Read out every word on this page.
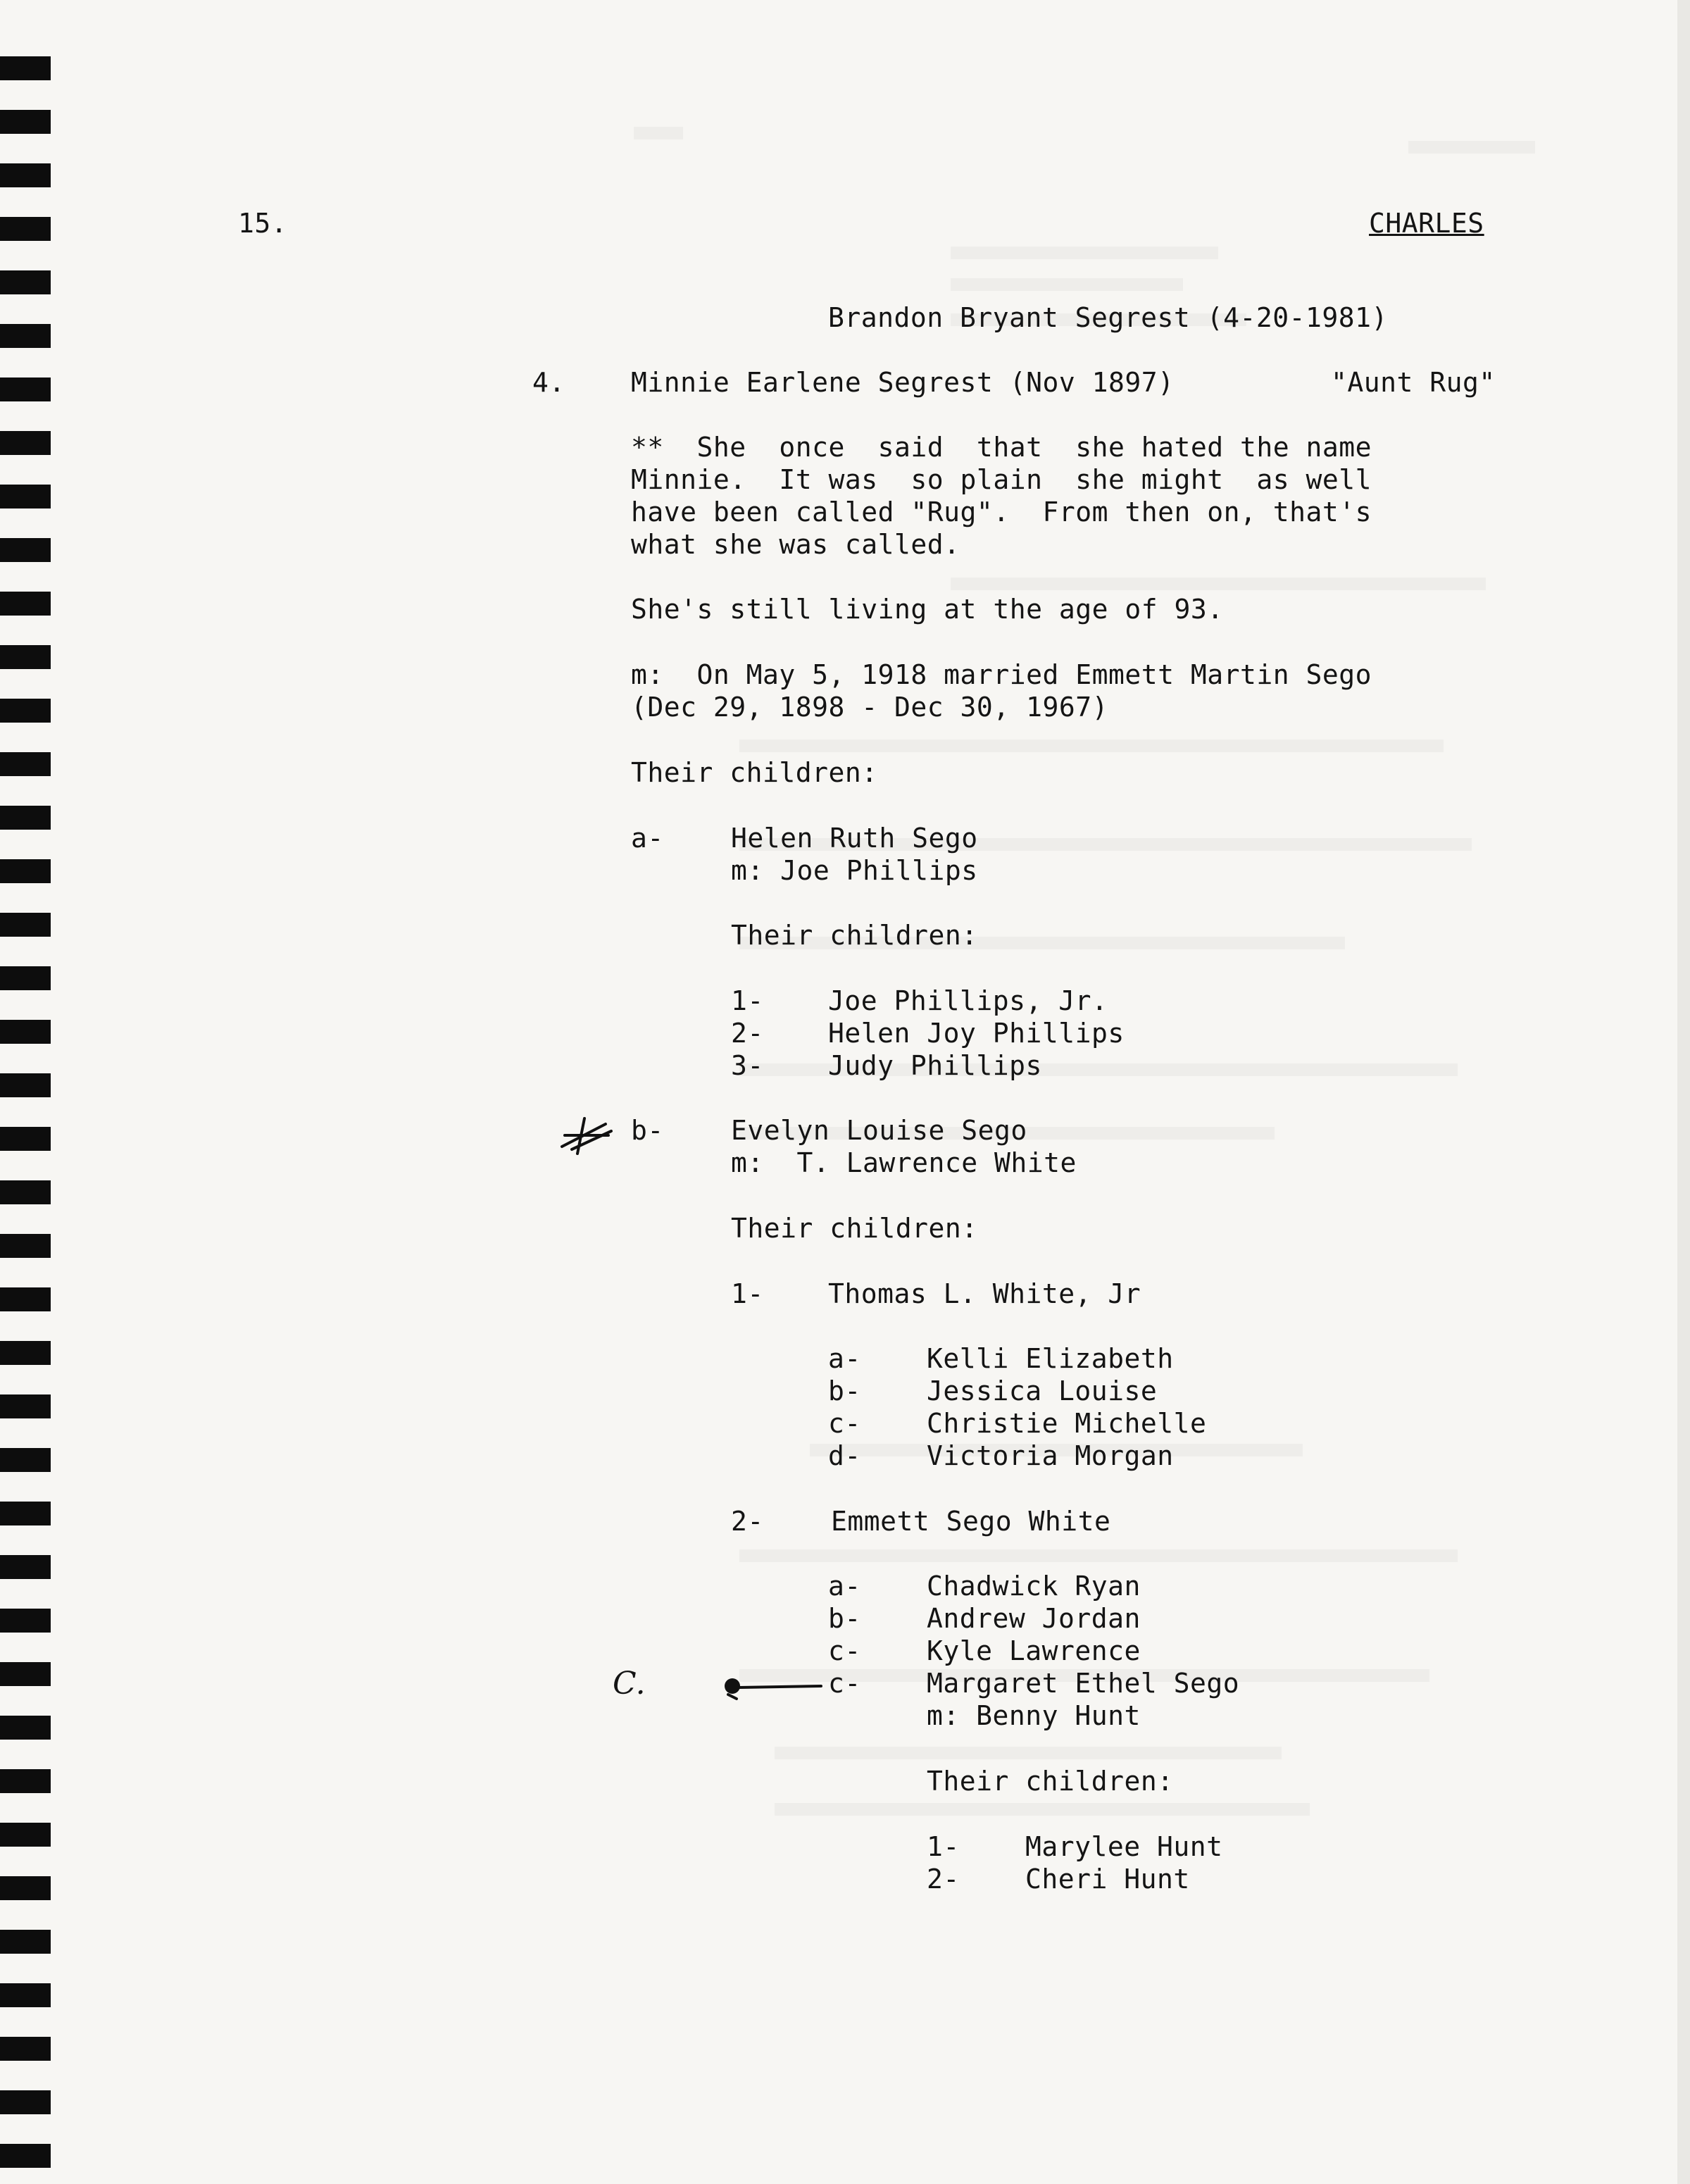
15.	CHARLES
Brandon Bryant Segrest (4-20-1981)
4. Minnie Earlene Segrest (Nov 1897)	"Aunt Rug"
**  She  once  said  that  she hated the name
Minnie.  It was  so plain  she might  as well
have been called "Rug".  From then on, that's
what she was called.
She's still living at the age of 93.
m:  On May 5, 1918 married Emmett Martin Sego
(Dec 29, 1898 - Dec 30, 1967)
Their children:
a-	Helen Ruth Sego
m: Joe Phillips
Their children:
1- Joe Phillips, Jr.
2- Helen Joy Phillips
3- Judy Phillips
b-	Evelyn Louise Sego
m:  T. Lawrence White
Their children:
1- Thomas L. White, Jr
a- Kelli Elizabeth
b- Jessica Louise
c- Christie Michelle
d- Victoria Morgan
2-	Emmett Sego White
a- Chadwick Ryan
b- Andrew Jordan
c- Kyle Lawrence
C.	c- Margaret Ethel Sego
m: Benny Hunt
Their children:
1- Marylee Hunt
2- Cheri Hunt
